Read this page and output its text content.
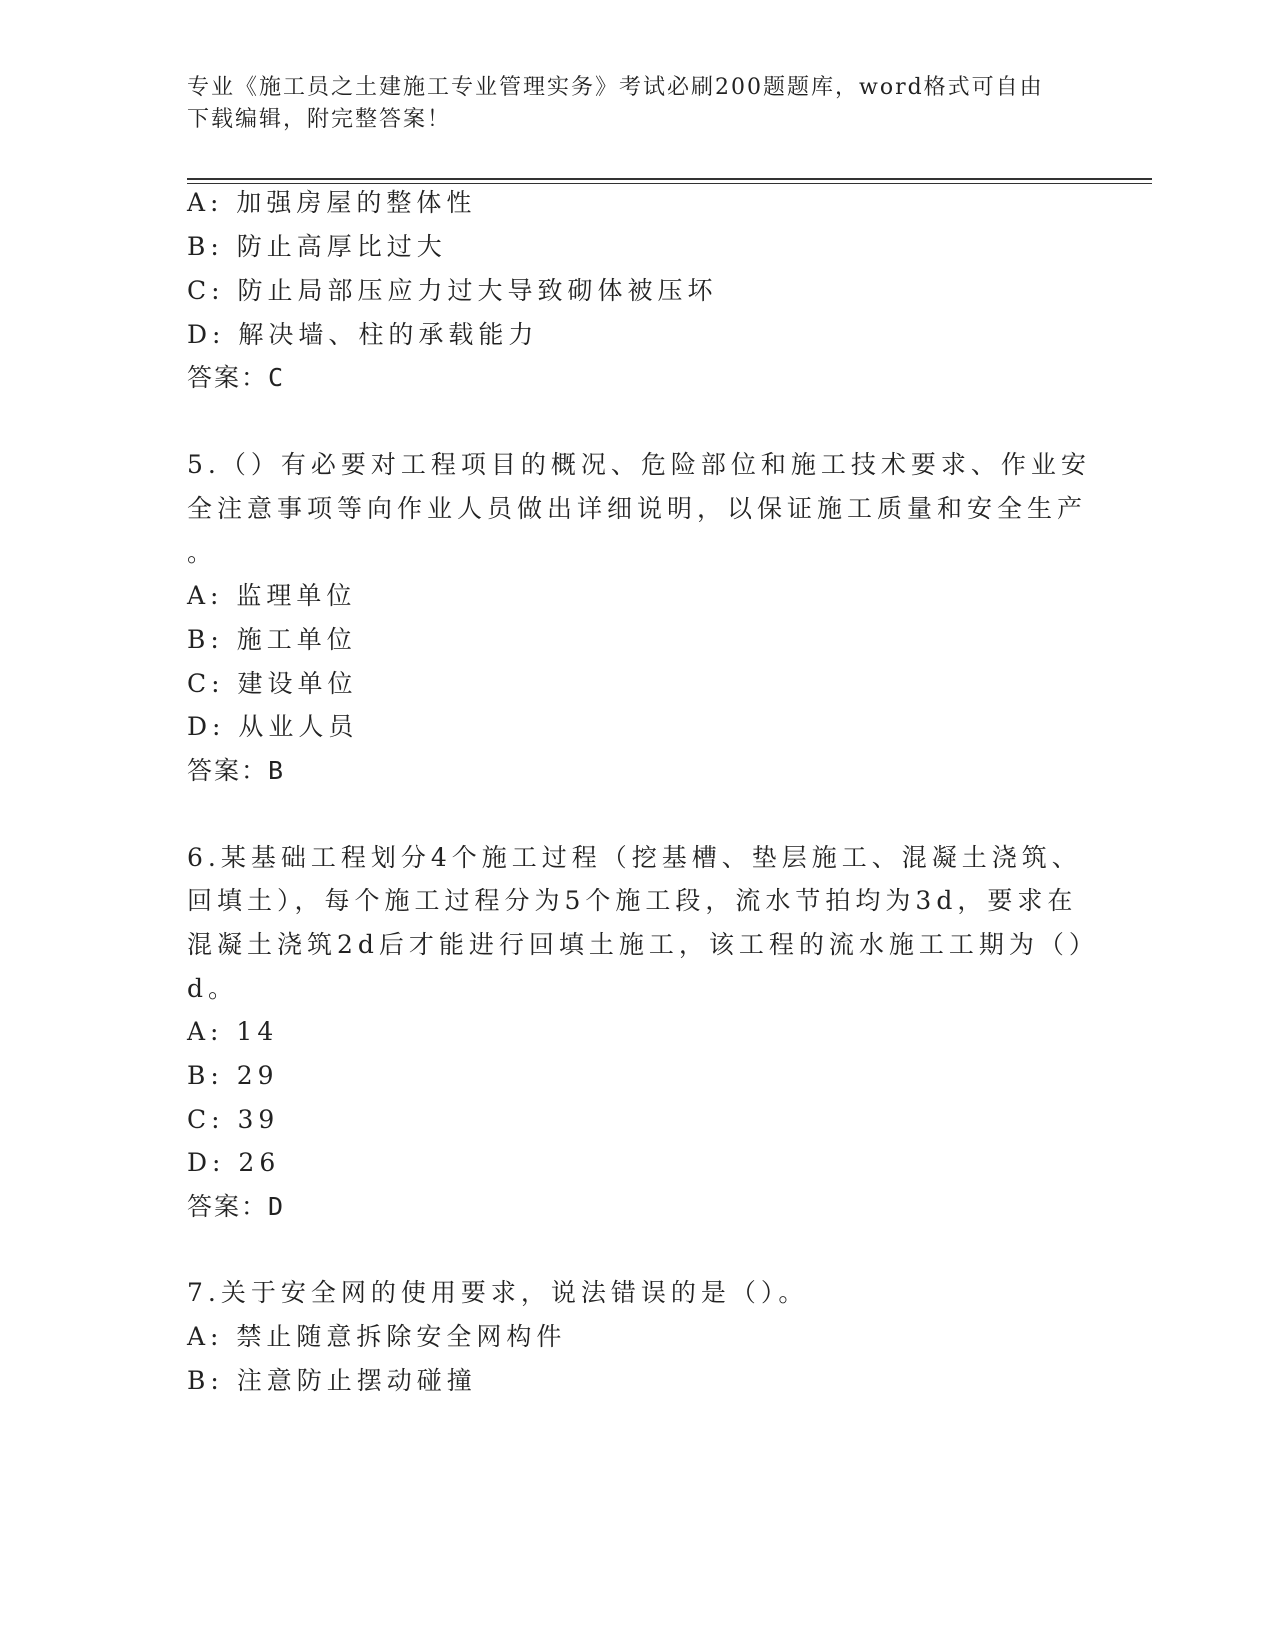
专业《施工员之土建施工专业管理实务》考试必刷200题题库，word格式可自由
下载编辑，附完整答案！
A: 加强房屋的整体性
B: 防止高厚比过大
C: 防止局部压应力过大导致砌体被压坏
D: 解决墙、柱的承载能力
答案：C
5.（）有必要对工程项目的概况、危险部位和施工技术要求、作业安
全注意事项等向作业人员做出详细说明，以保证施工质量和安全生产
。
A: 监理单位
B: 施工单位
C: 建设单位
D: 从业人员
答案：B
6.某基础工程划分4个施工过程（挖基槽、垫层施工、混凝土浇筑、
回填土），每个施工过程分为5个施工段，流水节拍均为3d，要求在
混凝土浇筑2d后才能进行回填土施工，该工程的流水施工工期为（）
d。
A: 14
B: 29
C: 39
D: 26
答案：D
7.关于安全网的使用要求，说法错误的是（）。
A: 禁止随意拆除安全网构件
B: 注意防止摆动碰撞
